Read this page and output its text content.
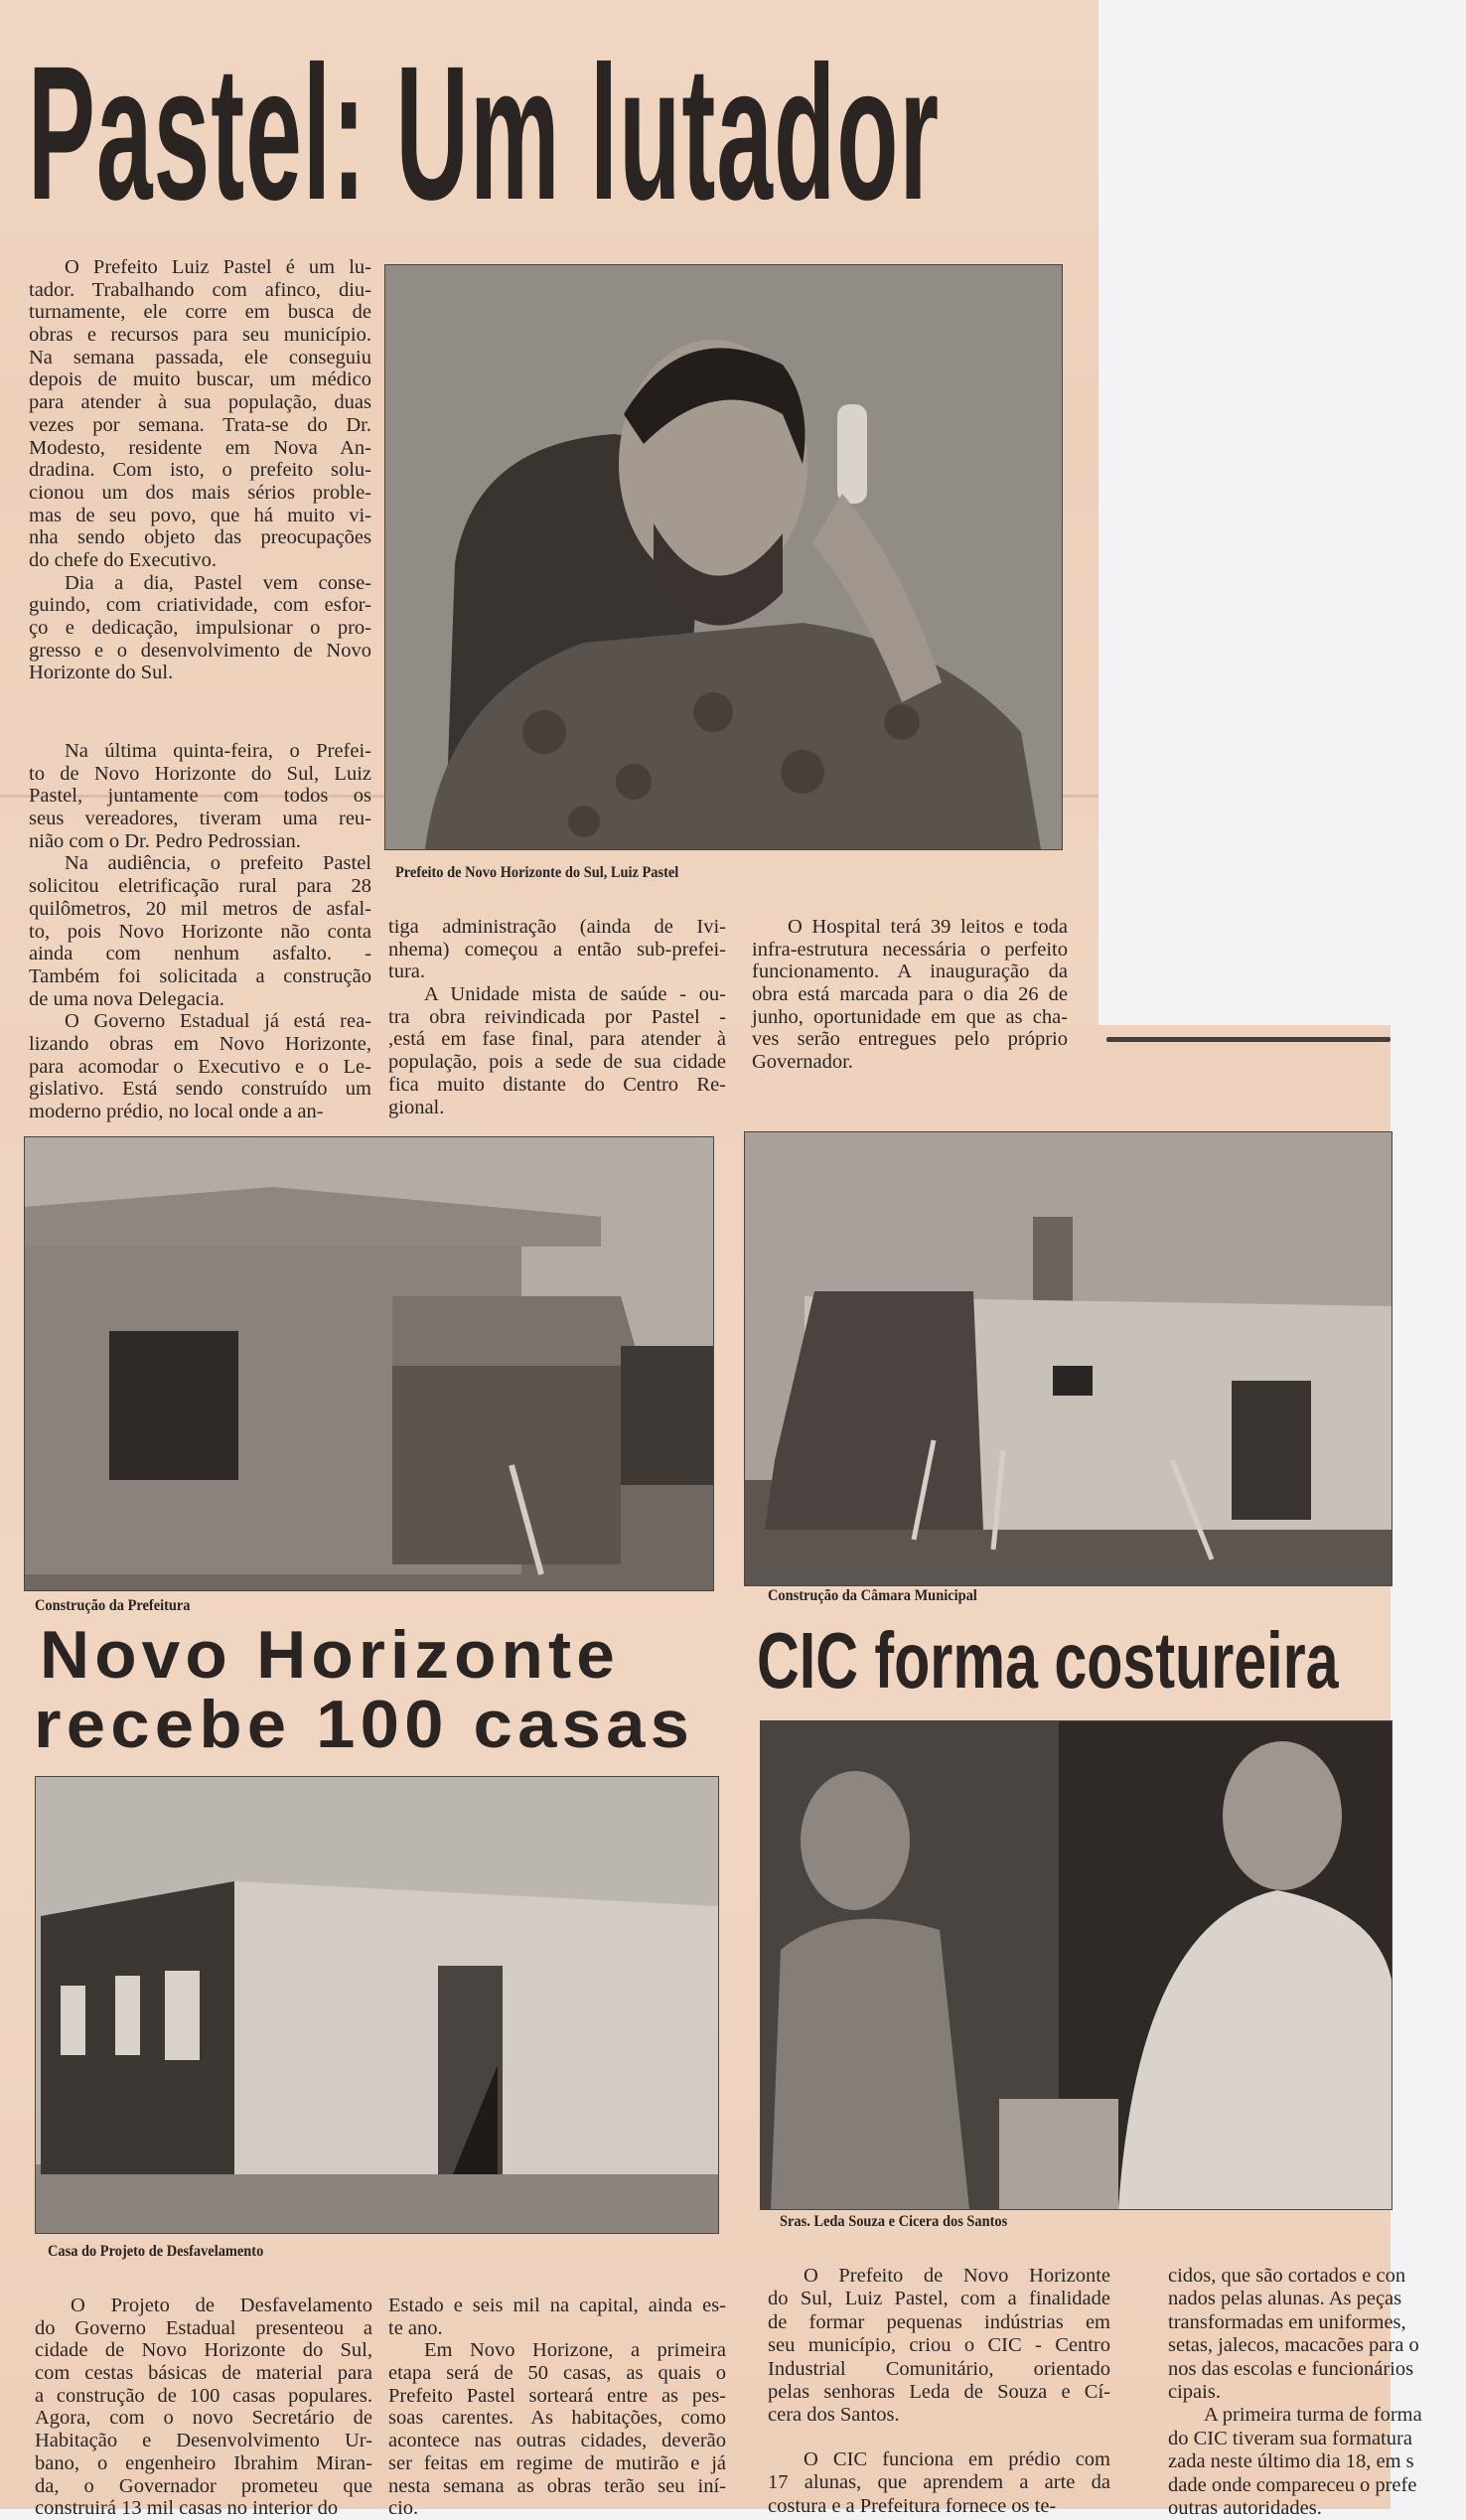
Pastel: Um lutador
Prefeito de Novo Horizonte do Sul, Luiz Pastel
O Prefeito Luiz Pastel é um lu-
tador. Trabalhando com afinco, diu-
turnamente, ele corre em busca de
obras e recursos para seu município.
Na semana passada, ele conseguiu
depois de muito buscar, um médico
para atender à sua população, duas
vezes por semana. Trata-se do Dr.
Modesto, residente em Nova An-
dradina. Com isto, o prefeito solu-
cionou um dos mais sérios proble-
mas de seu povo, que há muito vi-
nha sendo objeto das preocupações
do chefe do Executivo.
Dia a dia, Pastel vem conse-
guindo, com criatividade, com esfor-
ço e dedicação, impulsionar o pro-
gresso e o desenvolvimento de Novo
Horizonte do Sul.
Na última quinta-feira, o Prefei-
to de Novo Horizonte do Sul, Luiz
Pastel, juntamente com todos os
seus vereadores, tiveram uma reu-
nião com o Dr. Pedro Pedrossian.
Na audiência, o prefeito Pastel
solicitou eletrificação rural para 28
quilômetros, 20 mil metros de asfal-
to, pois Novo Horizonte não conta
ainda com nenhum asfalto. -
Também foi solicitada a construção
de uma nova Delegacia.
O Governo Estadual já está rea-
lizando obras em Novo Horizonte,
para acomodar o Executivo e o Le-
gislativo. Está sendo construído um
moderno prédio, no local onde a an-
tiga administração (ainda de Ivi-
nhema) começou a então sub-prefei-
tura.
A Unidade mista de saúde - ou-
tra obra reivindicada por Pastel -
,está em fase final, para atender à
população, pois a sede de sua cidade
fica muito distante do Centro Re-
gional.
O Hospital terá 39 leitos e toda
infra-estrutura necessária o perfeito
funcionamento. A inauguração da
obra está marcada para o dia 26 de
junho, oportunidade em que as cha-
ves serão entregues pelo próprio
Governador.
Construção da Prefeitura
Construção da Câmara Municipal
Novo Horizonte
recebe 100 casas
CIC forma costureira
Casa do Projeto de Desfavelamento
Sras. Leda Souza e Cicera dos Santos
O Projeto de Desfavelamento
do Governo Estadual presenteou a
cidade de Novo Horizonte do Sul,
com cestas básicas de material para
a construção de 100 casas populares.
Agora, com o novo Secretário de
Habitação e Desenvolvimento Ur-
bano, o engenheiro Ibrahim Miran-
da, o Governador prometeu que
construirá 13 mil casas no interior do
Estado e seis mil na capital, ainda es-
te ano.
Em Novo Horizone, a primeira
etapa será de 50 casas, as quais o
Prefeito Pastel sorteará entre as pes-
soas carentes. As habitações, como
acontece nas outras cidades, deverão
ser feitas em regime de mutirão e já
nesta semana as obras terão seu iní-
cio.
O Prefeito de Novo Horizonte
do Sul, Luiz Pastel, com a finalidade
de formar pequenas indústrias em
seu município, criou o CIC - Centro
Industrial Comunitário, orientado
pelas senhoras Leda de Souza e Cí-
cera dos Santos.
O CIC funciona em prédio com
17 alunas, que aprendem a arte da
costura e a Prefeitura fornece os te-
cidos, que são cortados e con
nados pelas alunas. As peças
transformadas em uniformes,
setas, jalecos, macacões para o
nos das escolas e funcionários
cipais.
A primeira turma de forma
do CIC tiveram sua formatura
zada neste último dia 18, em s
dade onde compareceu o prefe
outras autoridades.
